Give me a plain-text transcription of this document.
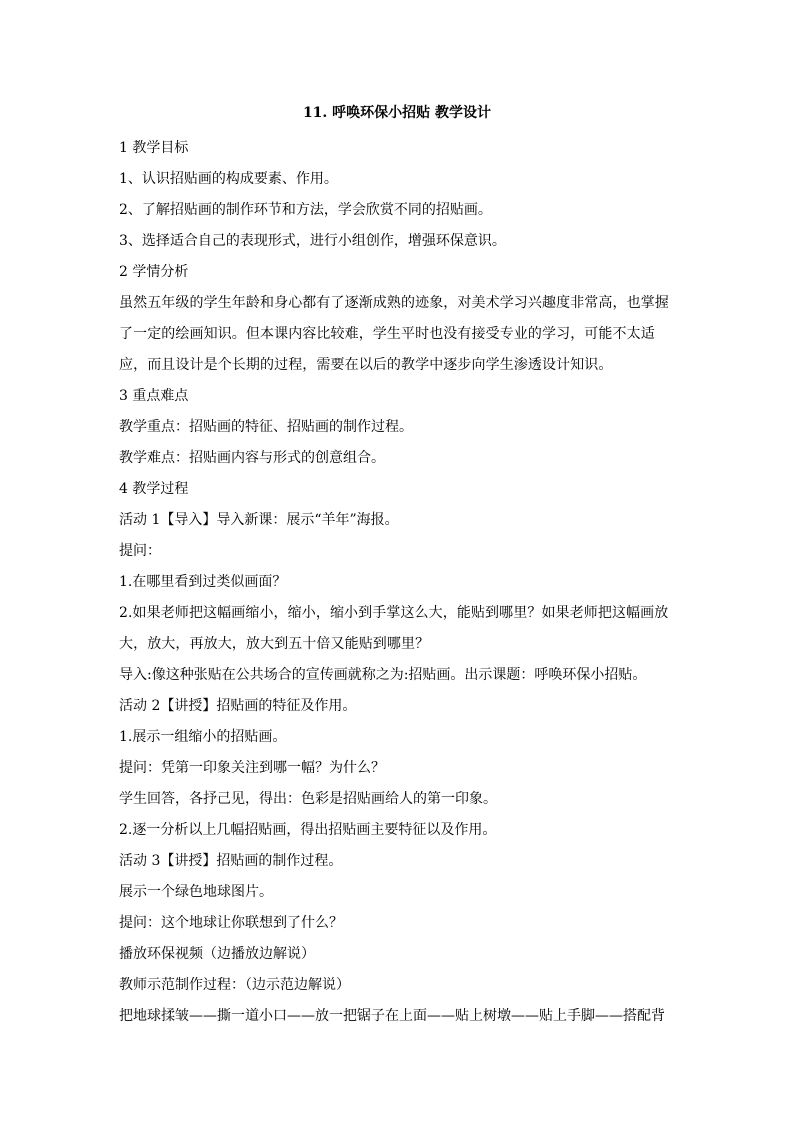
11. 呼唤环保小招贴 教学设计

1 教学目标

1、认识招贴画的构成要素、作用。

2、了解招贴画的制作环节和方法，学会欣赏不同的招贴画。

3、选择适合自己的表现形式，进行小组创作，增强环保意识。

2 学情分析

虽然五年级的学生年龄和身心都有了逐渐成熟的迹象，对美术学习兴趣度非常高，也掌握了一定的绘画知识。但本课内容比较难，学生平时也没有接受专业的学习，可能不太适应，而且设计是个长期的过程，需要在以后的教学中逐步向学生渗透设计知识。

3 重点难点

教学重点：招贴画的特征、招贴画的制作过程。

教学难点：招贴画内容与形式的创意组合。

4 教学过程

活动 1【导入】导入新课：展示“羊年”海报。

提问：

1.在哪里看到过类似画面？

2.如果老师把这幅画缩小，缩小，缩小到手掌这么大，能贴到哪里？如果老师把这幅画放大，放大，再放大，放大到五十倍又能贴到哪里？

导入:像这种张贴在公共场合的宣传画就称之为:招贴画。出示课题：呼唤环保小招贴。

活动 2【讲授】招贴画的特征及作用。

1.展示一组缩小的招贴画。

提问：凭第一印象关注到哪一幅？为什么？

学生回答，各抒己见，得出：色彩是招贴画给人的第一印象。

2.逐一分析以上几幅招贴画，得出招贴画主要特征以及作用。

活动 3【讲授】招贴画的制作过程。

展示一个绿色地球图片。

提问：这个地球让你联想到了什么？

播放环保视频（边播放边解说）

教师示范制作过程：（边示范边解说）

把地球揉皱——撕一道小口——放一把锯子在上面——贴上树墩——贴上手脚——搭配背
